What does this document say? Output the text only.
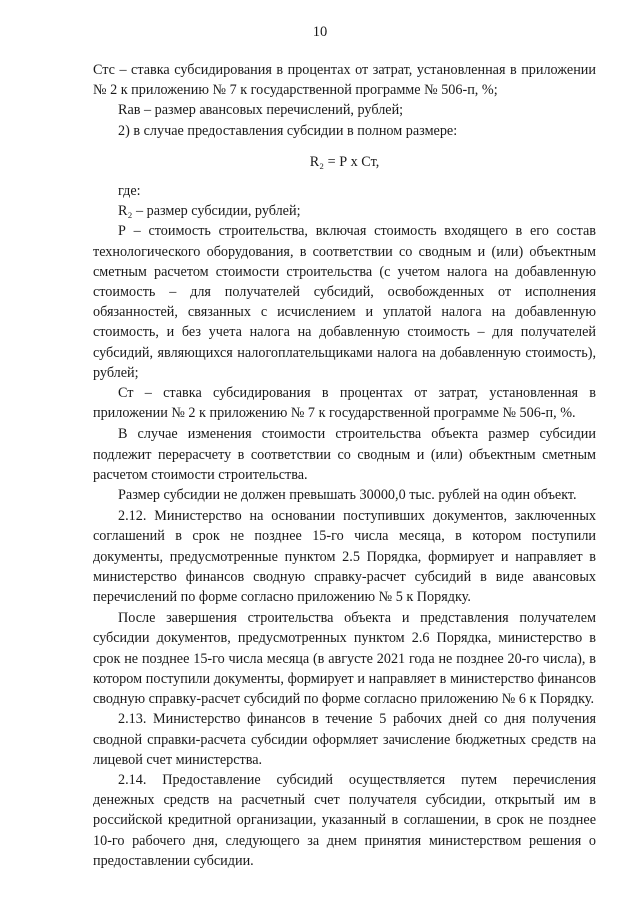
10

Стс – ставка субсидирования в процентах от затрат, установленная в приложении № 2 к приложению № 7 к государственной программе № 506-п, %;

Rав – размер авансовых перечислений, рублей;

2) в случае предоставления субсидии в полном размере:

R₂ = Р х Ст,

где:

R₂ – размер субсидии, рублей;

Р – стоимость строительства, включая стоимость входящего в его состав технологического оборудования, в соответствии со сводным и (или) объектным сметным расчетом стоимости строительства (с учетом налога на добавленную стоимость – для получателей субсидий, освобожденных от исполнения обязанностей, связанных с исчислением и уплатой налога на добавленную стоимость, и без учета налога на добавленную стоимость – для получателей субсидий, являющихся налогоплательщиками налога на добавленную стоимость), рублей;

Ст – ставка субсидирования в процентах от затрат, установленная в приложении № 2 к приложению № 7 к государственной программе № 506-п, %.

В случае изменения стоимости строительства объекта размер субсидии подлежит перерасчету в соответствии со сводным и (или) объектным сметным расчетом стоимости строительства.

Размер субсидии не должен превышать 30000,0 тыс. рублей на один объект.

2.12. Министерство на основании поступивших документов, заключенных соглашений в срок не позднее 15-го числа месяца, в котором поступили документы, предусмотренные пунктом 2.5 Порядка, формирует и направляет в министерство финансов сводную справку-расчет субсидий в виде авансовых перечислений по форме согласно приложению № 5 к Порядку.

После завершения строительства объекта и представления получателем субсидии документов, предусмотренных пунктом 2.6 Порядка, министерство в срок не позднее 15-го числа месяца (в августе 2021 года не позднее 20-го числа), в котором поступили документы, формирует и направляет в министерство финансов сводную справку-расчет субсидий по форме согласно приложению № 6 к Порядку.

2.13. Министерство финансов в течение 5 рабочих дней со дня получения сводной справки-расчета субсидии оформляет зачисление бюджетных средств на лицевой счет министерства.

2.14. Предоставление субсидий осуществляется путем перечисления денежных средств на расчетный счет получателя субсидии, открытый им в российской кредитной организации, указанный в соглашении, в срок не позднее 10-го рабочего дня, следующего за днем принятия министерством решения о предоставлении субсидии.
